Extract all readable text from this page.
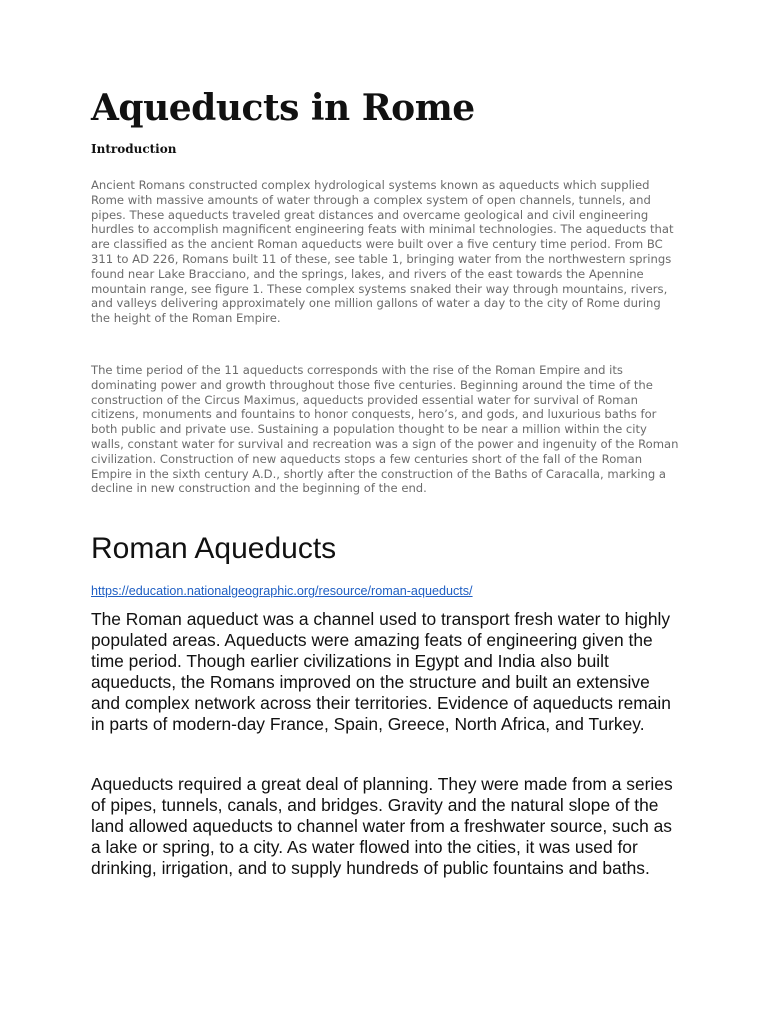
Aqueducts in Rome
Introduction

Ancient Romans constructed complex hydrological systems known as aqueducts which supplied Rome with massive amounts of water through a complex system of open channels, tunnels, and pipes. These aqueducts traveled great distances and overcame geological and civil engineering hurdles to accomplish magnificent engineering feats with minimal technologies. The aqueducts that are classified as the ancient Roman aqueducts were built over a five century time period. From BC 311 to AD 226, Romans built 11 of these, see table 1, bringing water from the northwestern springs found near Lake Bracciano, and the springs, lakes, and rivers of the east towards the Apennine mountain range, see figure 1. These complex systems snaked their way through mountains, rivers, and valleys delivering approximately one million gallons of water a day to the city of Rome during the height of the Roman Empire.

The time period of the 11 aqueducts corresponds with the rise of the Roman Empire and its dominating power and growth throughout those five centuries. Beginning around the time of the construction of the Circus Maximus, aqueducts provided essential water for survival of Roman citizens, monuments and fountains to honor conquests, hero’s, and gods, and luxurious baths for both public and private use. Sustaining a population thought to be near a million within the city walls, constant water for survival and recreation was a sign of the power and ingenuity of the Roman civilization. Construction of new aqueducts stops a few centuries short of the fall of the Roman Empire in the sixth century A.D., shortly after the construction of the Baths of Caracalla, marking a decline in new construction and the beginning of the end.

Roman Aqueducts
https://education.nationalgeographic.org/resource/roman-aqueducts/

The Roman aqueduct was a channel used to transport fresh water to highly populated areas. Aqueducts were amazing feats of engineering given the time period. Though earlier civilizations in Egypt and India also built aqueducts, the Romans improved on the structure and built an extensive and complex network across their territories. Evidence of aqueducts remain in parts of modern-day France, Spain, Greece, North Africa, and Turkey.

Aqueducts required a great deal of planning. They were made from a series of pipes, tunnels, canals, and bridges. Gravity and the natural slope of the land allowed aqueducts to channel water from a freshwater source, such as a lake or spring, to a city. As water flowed into the cities, it was used for drinking, irrigation, and to supply hundreds of public fountains and baths.
